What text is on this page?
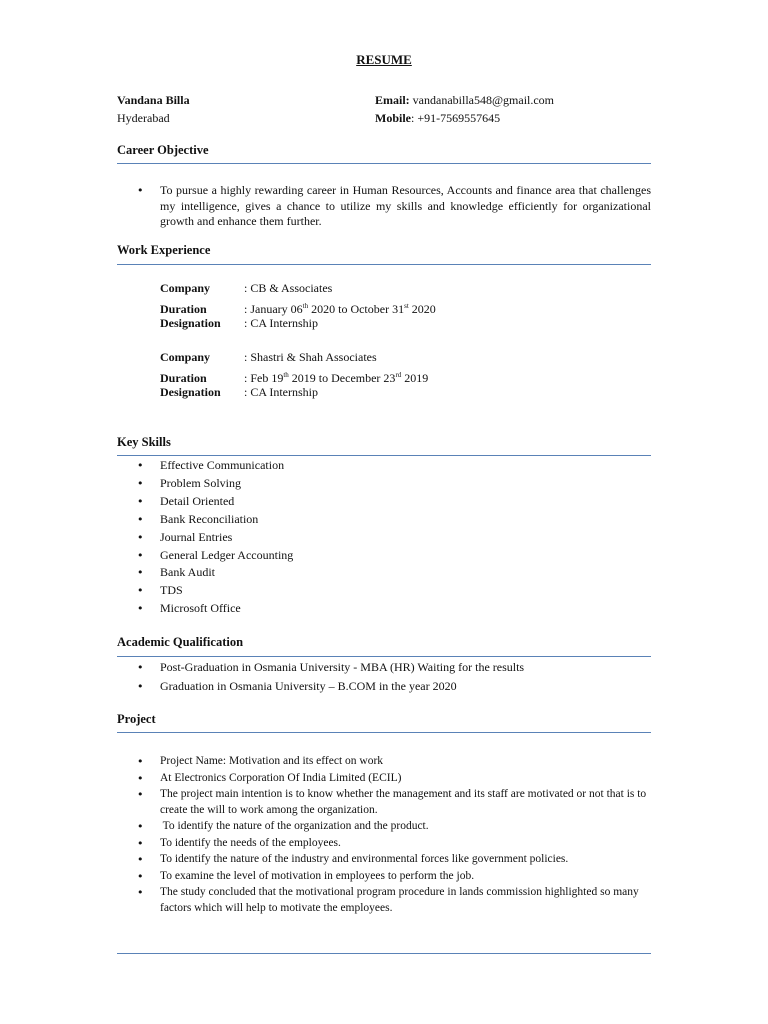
RESUME
Vandana Billa
Hyderabad
Email: vandanabilla548@gmail.com
Mobile: +91-7569557645
Career Objective
• To pursue a highly rewarding career in Human Resources, Accounts and finance area that challenges my intelligence, gives a chance to utilize my skills and knowledge efficiently for organizational growth and enhance them further.
Work Experience
Company	: CB & Associates
Duration	: January 06th 2020 to October 31st 2020
Designation : CA Internship
Company	: Shastri & Shah Associates
Duration	: Feb 19th 2019 to December 23rd 2019
Designation : CA Internship
Key Skills
• Effective Communication
• Problem Solving
• Detail Oriented
• Bank Reconciliation
• Journal Entries
• General Ledger Accounting
• Bank Audit
• TDS
• Microsoft Office
Academic Qualification
• Post-Graduation in Osmania University - MBA (HR) Waiting for the results
• Graduation in Osmania University – B.COM in the year 2020
Project
• Project Name: Motivation and its effect on work
• At Electronics Corporation Of India Limited (ECIL)
• The project main intention is to know whether the management and its staff are motivated or not that is to create the will to work among the organization.
•  To identify the nature of the organization and the product.
• To identify the needs of the employees.
• To identify the nature of the industry and environmental forces like government policies.
• To examine the level of motivation in employees to perform the job.
• The study concluded that the motivational program procedure in lands commission highlighted so many factors which will help to motivate the employees.
